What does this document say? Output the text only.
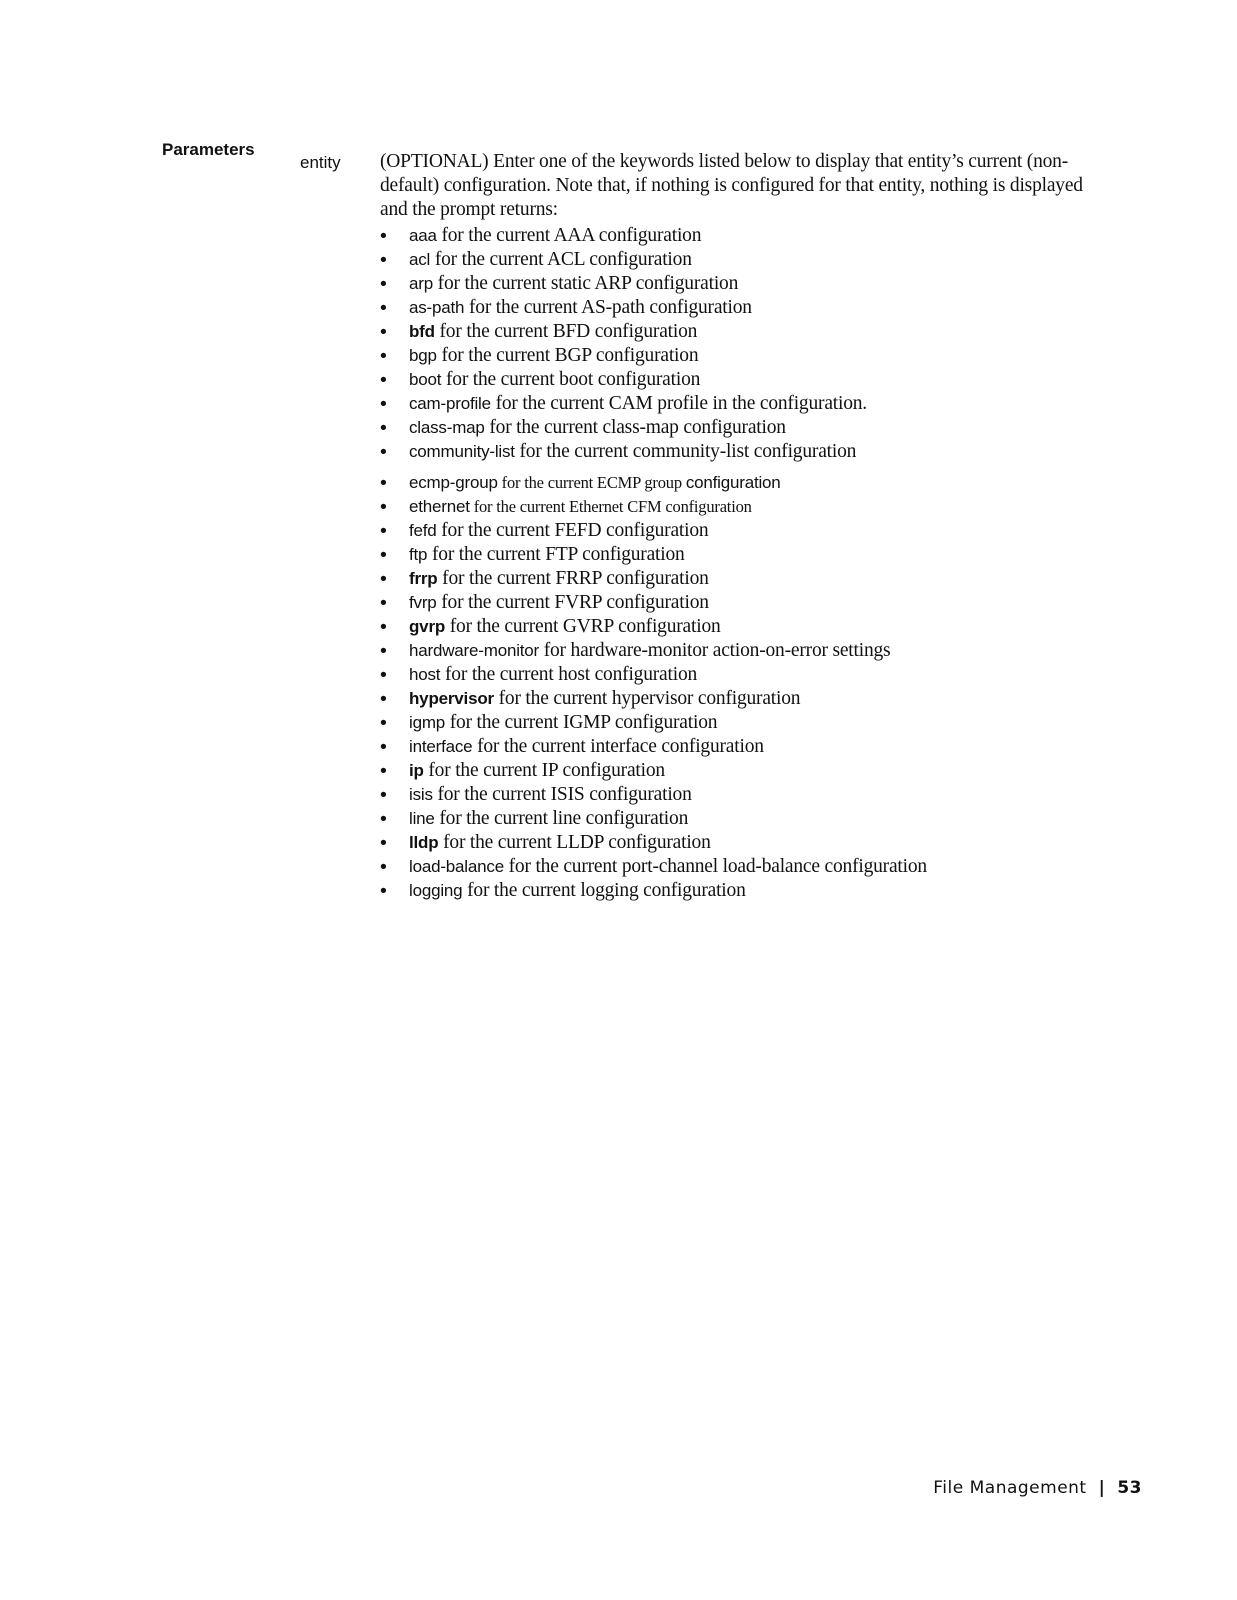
Parameters
entity (OPTIONAL) Enter one of the keywords listed below to display that entity’s current (non-default) configuration. Note that, if nothing is configured for that entity, nothing is displayed and the prompt returns:

• aaa for the current AAA configuration
• acl for the current ACL configuration
• arp for the current static ARP configuration
• as-path for the current AS-path configuration
• bfd for the current BFD configuration
• bgp for the current BGP configuration
• boot for the current boot configuration
• cam-profile for the current CAM profile in the configuration.
• class-map for the current class-map configuration
• community-list for the current community-list configuration
• ecmp-group for the current ECMP group configuration
• ethernet for the current Ethernet CFM configuration
• fefd for the current FEFD configuration
• ftp for the current FTP configuration
• frrp for the current FRRP configuration
• fvrp for the current FVRP configuration
• gvrp for the current GVRP configuration
• hardware-monitor for hardware-monitor action-on-error settings
• host for the current host configuration
• hypervisor for the current hypervisor configuration
• igmp for the current IGMP configuration
• interface for the current interface configuration
• ip for the current IP configuration
• isis for the current ISIS configuration
• line for the current line configuration
• lldp for the current LLDP configuration
• load-balance for the current port-channel load-balance configuration
• logging for the current logging configuration
File Management | 53
